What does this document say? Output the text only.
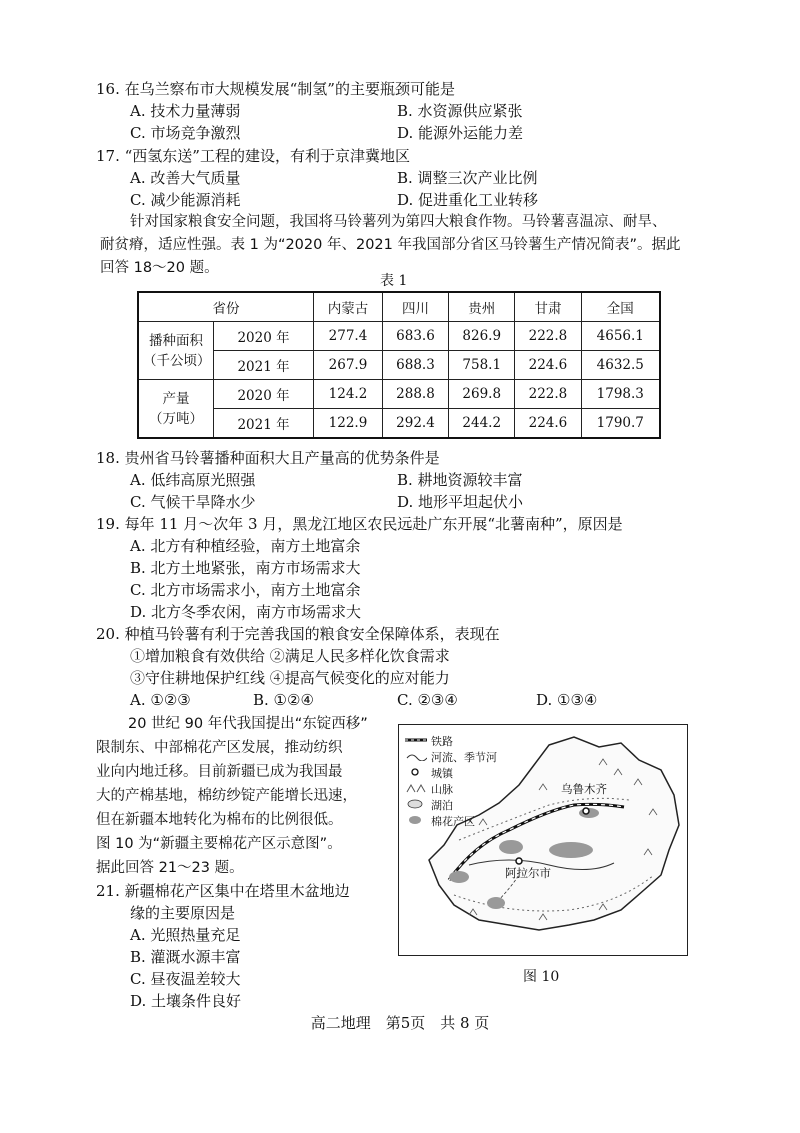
16. 在乌兰察布市大规模发展“制氢”的主要瓶颈可能是
A. 技术力量薄弱	B. 水资源供应紧张
C. 市场竞争激烈	D. 能源外运能力差
17. “西氢东送”工程的建设，有利于京津冀地区
A. 改善大气质量	B. 调整三次产业比例
C. 减少能源消耗	D. 促进重化工业转移
针对国家粮食安全问题，我国将马铃薯列为第四大粮食作物。马铃薯喜温凉、耐旱、
耐贫瘠，适应性强。表 1 为“2020 年、2021 年我国部分省区马铃薯生产情况简表”。据此
回答 18～20 题。
表 1
省份		内蒙古	四川	贵州	甘肃	全国

播种面积
（千公顷）	2020 年	277.4	683.6	826.9	222.8	4656.1
	2021 年	267.9	688.3	758.1	224.6	4632.5

产量
（万吨）	2020 年	124.2	288.8	269.8	222.8	1798.3
	2021 年	122.9	292.4	244.2	224.6	1790.7
18. 贵州省马铃薯播种面积大且产量高的优势条件是
A. 低纬高原光照强	B. 耕地资源较丰富
C. 气候干旱降水少	D. 地形平坦起伏小
19. 每年 11 月～次年 3 月，黑龙江地区农民远赴广东开展“北薯南种”，原因是
A. 北方有种植经验，南方土地富余
B. 北方土地紧张，南方市场需求大
C. 北方市场需求小，南方土地富余
D. 北方冬季农闲，南方市场需求大
20. 种植马铃薯有利于完善我国的粮食安全保障体系，表现在
①增加粮食有效供给 ②满足人民多样化饮食需求
③守住耕地保护红线 ④提高气候变化的应对能力
A. ①②③	B. ①②④	C. ②③④	D. ①③④
20 世纪 90 年代我国提出“东锭西移”
限制东、中部棉花产区发展，推动纺织
业向内地迁移。目前新疆已成为我国最
大的产棉基地，棉纺纱锭产能增长迅速，
但在新疆本地转化为棉布的比例很低。
图 10 为“新疆主要棉花产区示意图”。
据此回答 21～23 题。
21. 新疆棉花产区集中在塔里木盆地边
缘的主要原因是
A. 光照热量充足
B. 灌溉水源丰富
C. 昼夜温差较大
D. 土壤条件良好
铁路
河流、季节河
城镇
山脉
湖泊
棉花产区
乌鲁木齐
阿拉尔市
图 10
高二地理　第5页　共 8 页
